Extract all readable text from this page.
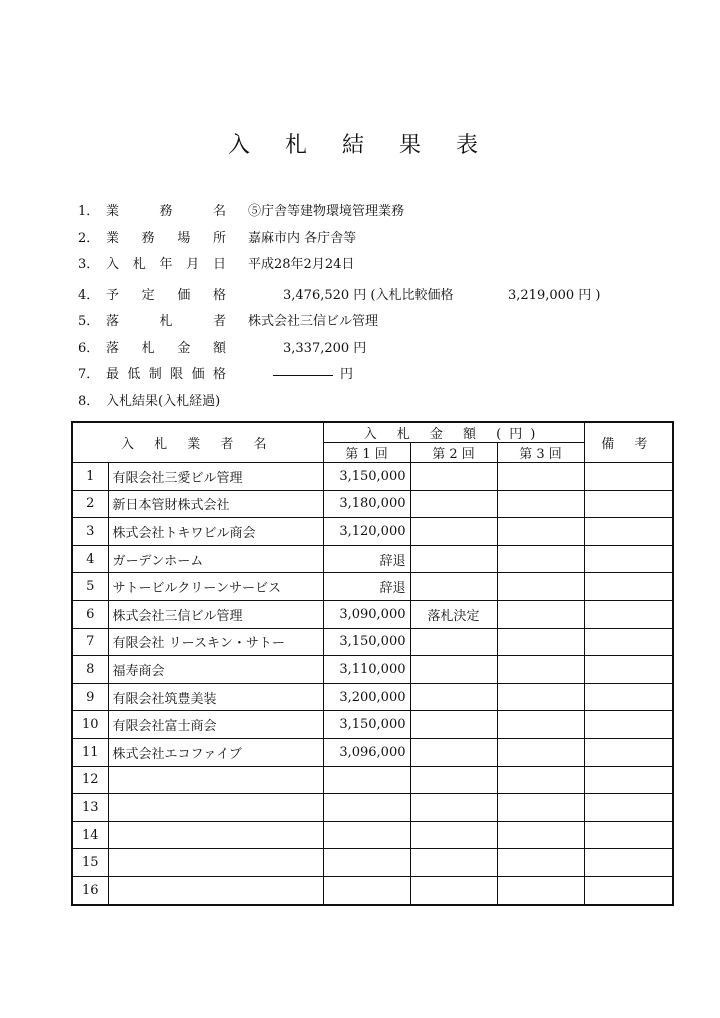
入 札 結 果 表
1． 業	務	名 ⑤庁舎等建物環境管理業務
2． 業 務 場 所 嘉麻市内 各庁舎等
3． 入 札 年 月 日 平成28年2月24日
4． 予 定 価 格	3,476,520 円 (入札比較価格	3,219,000 円 )
5． 落	札	者 株式会社三信ビル管理
6． 落 札 金 額	3,337,200 円
7． 最 低 制 限 価 格	円
8． 入札結果(入札経過)
入 札 業 者 名		入 札 金 額 (円)			備 考
		第 1 回	第 2 回	第 3 回	
1	有限会社三愛ビル管理	3,150,000			
2	新日本管財株式会社	3,180,000			
3	株式会社トキワビル商会	3,120,000			
4	ガーデンホーム	辞退			
5	サトービルクリーンサービス	辞退			
6	株式会社三信ビル管理	3,090,000	落札決定		
7	有限会社 リースキン・サトー	3,150,000			
8	福寿商会	3,110,000			
9	有限会社筑豊美装	3,200,000			
10	有限会社富士商会	3,150,000			
11	株式会社エコファイブ	3,096,000			
12					
13					
14					
15					
16					
